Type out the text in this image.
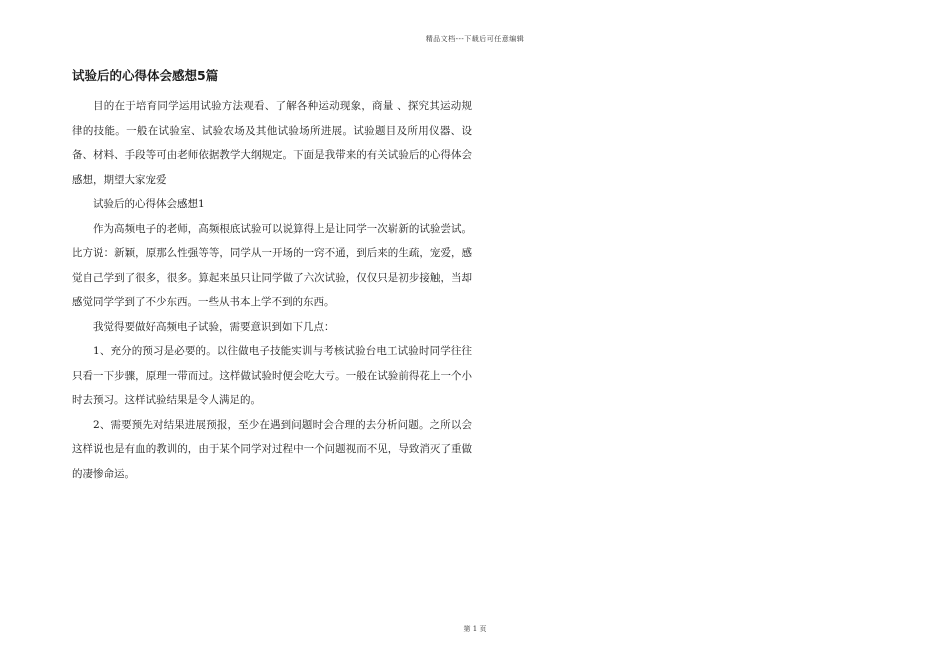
精品文档---下载后可任意编辑
试验后的心得体会感想5篇

目的在于培育同学运用试验方法观看、了解各种运动现象，商量 、探究其运动规律的技能。一般在试验室、试验农场及其他试验场所进展。试验题目及所用仪器、设备、材料、手段等可由老师依据教学大纲规定。下面是我带来的有关试验后的心得体会感想，期望大家宠爱

试验后的心得体会感想1

作为高频电子的老师，高频根底试验可以说算得上是让同学一次崭新的试验尝试。比方说：新颖，原那么性强等等，同学从一开场的一窍不通，到后来的生疏，宠爱，感觉自己学到了很多，很多。算起来虽只让同学做了六次试验，仅仅只是初步接触，当却感觉同学学到了不少东西。一些从书本上学不到的东西。

我觉得要做好高频电子试验，需要意识到如下几点：

1、充分的预习是必要的。以往做电子技能实训与考核试验台电工试验时同学往往只看一下步骤，原理一带而过。这样做试验时便会吃大亏。一般在试验前得花上一个小时去预习。这样试验结果是令人满足的。

2、需要预先对结果进展预报，至少在遇到问题时会合理的去分析问题。之所以会这样说也是有血的教训的，由于某个同学对过程中一个问题视而不见，导致消灭了重做的凄惨命运。

第 1 页
